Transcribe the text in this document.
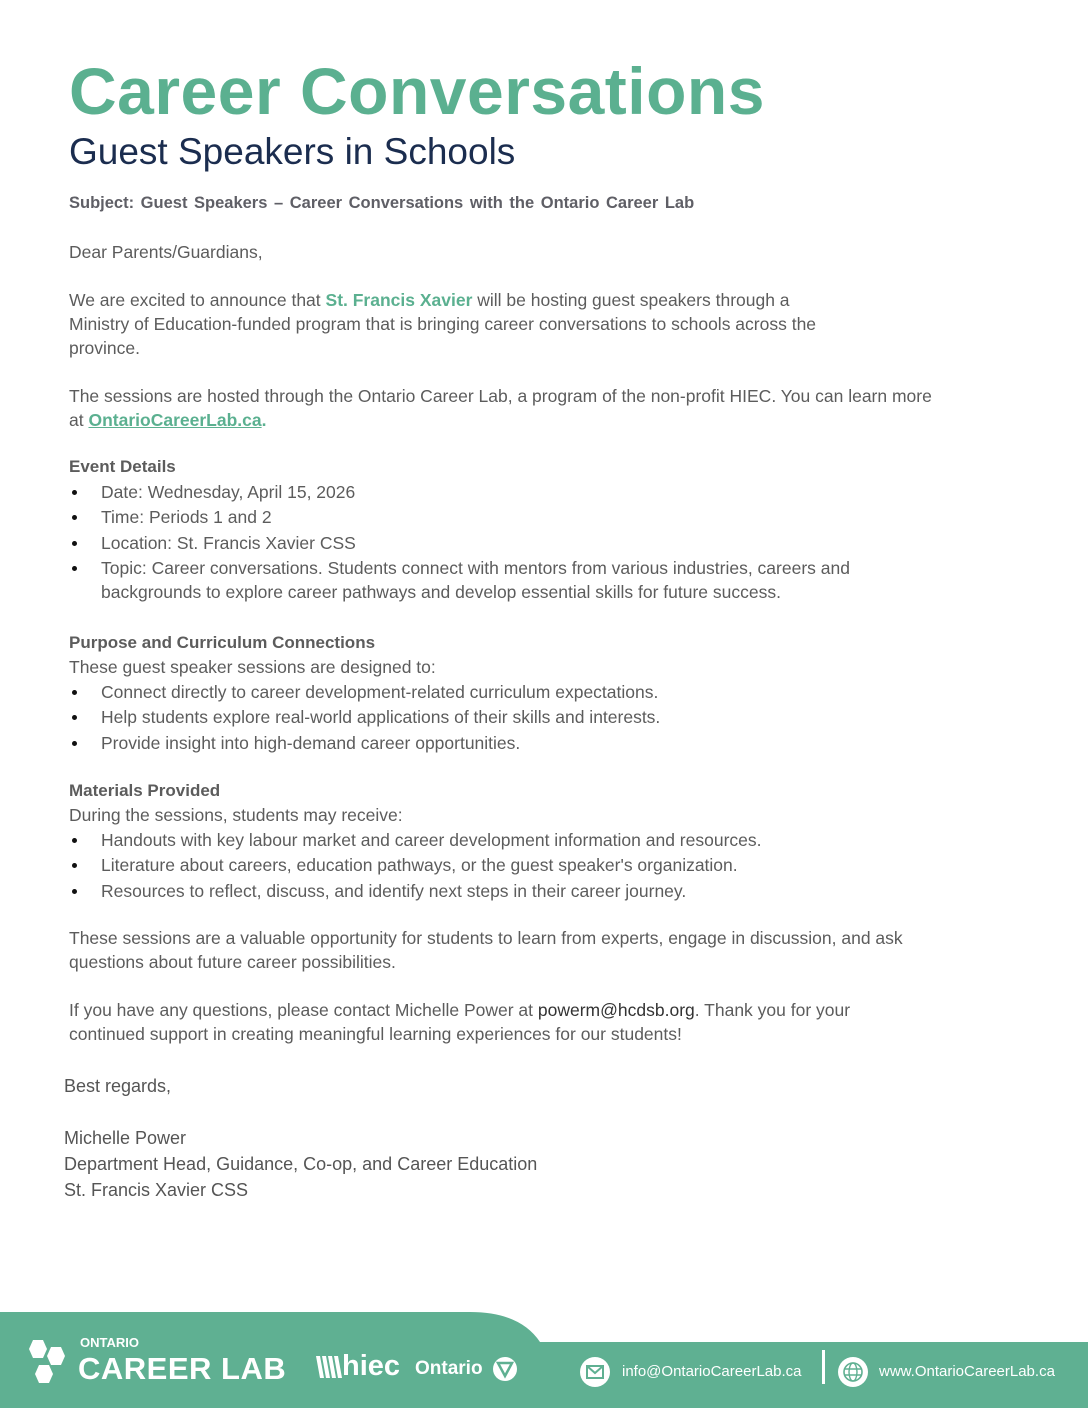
Career Conversations
Guest Speakers in Schools
Subject: Guest Speakers – Career Conversations with the Ontario Career Lab
Dear Parents/Guardians,
We are excited to announce that St. Francis Xavier will be hosting guest speakers through a
Ministry of Education-funded program that is bringing career conversations to schools across the
province.
The sessions are hosted through the Ontario Career Lab, a program of the non-profit HIEC. You can learn more
at OntarioCareerLab.ca.
Event Details
Date: Wednesday, April 15, 2026
Time: Periods 1 and 2
Location: St. Francis Xavier CSS
Topic: Career conversations. Students connect with mentors from various industries, careers and backgrounds to explore career pathways and develop essential skills for future success.
Purpose and Curriculum Connections
These guest speaker sessions are designed to:
Connect directly to career development-related curriculum expectations.
Help students explore real-world applications of their skills and interests.
Provide insight into high-demand career opportunities.
Materials Provided
During the sessions, students may receive:
Handouts with key labour market and career development information and resources.
Literature about careers, education pathways, or the guest speaker's organization.
Resources to reflect, discuss, and identify next steps in their career journey.
These sessions are a valuable opportunity for students to learn from experts, engage in discussion, and ask
questions about future career possibilities.
If you have any questions, please contact Michelle Power at powerm@hcdsb.org. Thank you for your
continued support in creating meaningful learning experiences for our students!
Best regards,
Michelle Power
Department Head, Guidance, Co-op, and Career Education
St. Francis Xavier CSS
ONTARIO
CAREER LAB hiec Ontario	info@OntarioCareerLab.ca	www.OntarioCareerLab.ca
